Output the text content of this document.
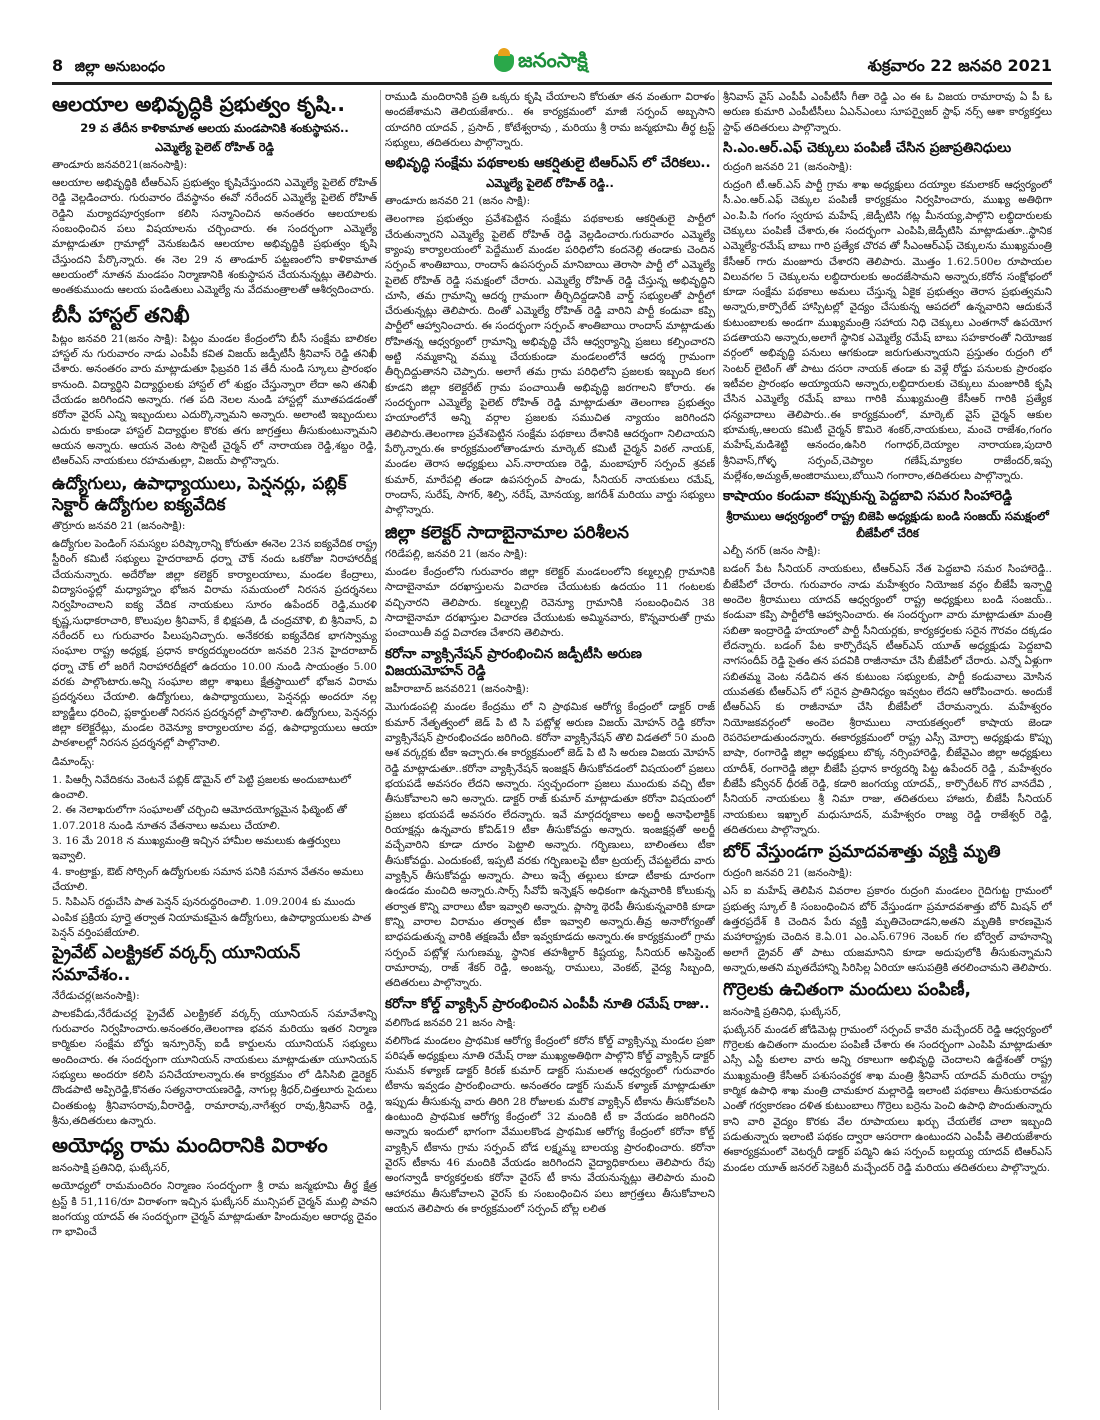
8 జిల్లా అనుబంధం	జనంసాక్షి	శుక్రవారం 22 జనవరి 2021
ఆలయాల అభివృద్ధికి ప్రభుత్వం కృషి..
29 వ తేదీన కాళికామాత ఆలయ మండపానికి శంకుస్థాపన..
ఎమ్మెల్యే పైలెట్ రోహిత్ రెడ్డి
తాండూరు జనవరి21(జనంసాక్షి):
ఆలయాల అభివృద్ధికి టీఆర్ఎస్ ప్రభుత్వం కృషిచేస్తుందని ఎమ్మెల్యే పైలెట్ రోహిత్ రెడ్డి వెల్లడించారు. గురువారం దేవస్థానం ఈవో నరేందర్ ఎమ్మెల్యే పైలెట్ రోహిత్ రెడ్డిని మర్యాదపూర్వకంగా కలిసి సన్మానించిన అనంతరం ఆలయాలకు సంబంధించిన పలు విషయాలను చర్చించారు. ఈ సందర్భంగా ఎమ్మెల్యే మాట్లాడుతూ గ్రామాల్లో వెనుకబడిన ఆలయాల అభివృద్ధికి ప్రభుత్వం కృషి చేస్తుందని పేర్కొన్నారు. ఈ నెల 29 న తాండూర్ పట్టణంలోని కాళికామాత ఆలయంలో నూతన మండపం నిర్మాణానికి శంకుస్థాపన చేయనున్నట్లు తెలిపారు. అంతకుముందు ఆలయ పండితులు ఎమ్మెల్యే ను వేదమంత్రాలతో ఆశీర్వదించారు.
బీసీ హాస్టల్ తనిఖీ
పిట్లం జనవరి 21(జనం సాక్షి): పిట్లం మండల కేంద్రంలోని బీసీ సంక్షేమ బాలికల హాస్టల్ ను గురువారం నాడు ఎంపీపీ కవిత విజయ్ జడ్పీటీసీ శ్రీనివాస్ రెడ్డి తనిఖీ చేశారు. అనంతరం వారు మాట్లాడుతూ ఫిబ్రవరి 1వ తేదీ నుండి స్కూలు ప్రారంభం కానుంది. విద్యార్థిని విద్యార్థులకు హాస్టల్ లో శుభ్రం చేస్తున్నారా లేదా అని తనిఖీ చేయడం జరిగిందని అన్నారు. గత పది నెలల నుండి హాస్టల్లో మూతపడడంతో కరోనా వైరస్ ఎన్ని ఇబ్బందులు ఎదుర్కొన్నామని అన్నారు. అలాంటి ఇబ్బందులు ఎదురు కాకుండా హాస్టల్ విద్యార్థుల కొరకు తగు జాగ్రత్తలు తీసుకుంటున్నామని ఆయన అన్నారు. ఆయన వెంట సొసైటీ చైర్మన్ లో నారాయణ రెడ్డి,శబ్దం రెడ్డి, టిఆర్ఎస్ నాయకులు రహమతుల్లా, విజయ్ పాల్గొన్నారు.
ఉద్యోగులు, ఉపాధ్యాయులు, పెన్షనర్లు, పబ్లిక్ సెక్టార్ ఉద్యోగుల ఐక్యవేదిక
తొర్రూరు జనవరి 21 (జనంసాక్షి):
ఉద్యోగుల పెండింగ్ సమస్యల పరిష్కారాన్ని కోరుతూ ఈనెల 23న ఐక్యవేదిక రాష్ట్ర స్టీరింగ్ కమిటీ సభ్యులు హైదరాబాద్ ధర్నా చౌక్ నందు ఒకరోజు నిరాహారదీక్ష చేయనున్నారు. అదేరోజు జిల్లా కలెక్టర్ కార్యాలయాలు, మండల కేంద్రాలు, విద్యాసంస్థల్లో మధ్యాహ్నం భోజన విరామ సమయంలో నిరసన ప్రదర్శనలు నిర్వహించాలని ఐక్య వేదిక నాయకులు సూరం ఉపేందర్ రెడ్డి,మురళి కృష్ణ,సుధాకరాచారి, కొలుపుల శ్రీనివాస్, కే భిక్షపతి, డీ చంద్రమౌళి, బి శ్రీనివాస్, వి నరేందర్ లు గురువారం పిలుపునిచ్చారు. అనేకరకు ఐక్యవేదిక భాగస్వామ్య సంఘాల రాష్ట్ర అధ్యక్ష, ప్రధాన కార్యదర్శులందరూ జనవరి 23న హైదరాబాద్ ధర్నా చౌక్ లో జరిగే నిరాహారదీక్షలో ఉదయం 10.00 నుండి సాయంత్రం 5.00 వరకు పాల్గొంటారు.అన్ని సంఘాల జిల్లా శాఖలు క్షేత్రస్థాయిలో భోజన విరామ ప్రదర్శనలు చేయాలి. ఉద్యోగులు, ఉపాధ్యాయులు, పెన్షనర్లు అందరూ నల్ల బ్యాడ్జీలు ధరించి, ప్లకార్డులతో నిరసన ప్రదర్శనల్లో పాల్గొనాలి. ఉద్యోగులు, పెన్షనర్లు జిల్లా కలెక్టరేట్లు, మండల రెవెన్యూ కార్యాలయాల వద్ద, ఉపాధ్యాయులు ఆయా పాఠశాలల్లో నిరసన ప్రదర్శనల్లో పాల్గొనాలి.
డిమాండ్స్:
1. పిఆర్సీ నివేదికను వెంటనే పబ్లిక్ డొమైన్ లో పెట్టి ప్రజలకు అందుబాటులో ఉంచాలి.
2. ఈ నెలాఖరులోగా సంఘాలతో చర్చించి ఆమోదయోగ్యమైన ఫిట్మెంట్ తో 1.07.2018 నుండి నూతన వేతనాలు అమలు చేయాలి.
3. 16 మే 2018 న ముఖ్యమంత్రి ఇచ్చిన హామీల అమలుకు ఉత్తర్వులు ఇవ్వాలి.
4. కాంట్రాక్టు, ఔట్ సోర్సింగ్ ఉద్యోగులకు సమాన పనికి సమాన వేతనం అమలు చేయాలి.
5. సిపిఎస్ రద్దుచేసి పాత పెన్షన్ పునరుద్ధరించాలి. 1.09.2004 కు ముందు ఎంపిక ప్రక్రియ పూర్తై తర్వాత నియామకమైన ఉద్యోగులు, ఉపాధ్యాయులకు పాత పెన్షన్ వర్తింపజేయాలి.
ప్రైవేట్ ఎలక్ట్రికల్ వర్కర్స్ యూనియన్ సమావేశం..
నేరేడుచర్ల(జనంసాక్షి):
పాలకవీడు,నేరేడుచర్ల ప్రైవేట్ ఎలక్ట్రికల్ వర్కర్స్ యూనియన్ సమావేశాన్ని గురువారం నిర్వహించారు.అనంతరం,తెలంగాణ భవన మరియు ఇతర నిర్మాణ కార్మికుల సంక్షేమ బోర్డు ఇన్సూరెన్స్ ఐడీ కార్డులను యూనియన్ సభ్యులు అందించారు. ఈ సందర్భంగా యూనియన్ నాయకులు మాట్లాడుతూ యూనియన్ సభ్యులు అందరూ కలిసి పనిచేయాలన్నారు.ఈ కార్యక్రమం లో డిసిసిబి డైరెక్టర్ దొండపాటి అప్పిరెడ్డి,కొనతం సత్యనారాయణరెడ్డి, నాగుల్ల శ్రీధర్,చిత్తలూరు సైదులు చింతకుంట్ల శ్రీనివాసరావు,వీరారెడ్డి, రామారావు,నాగేశ్వర రావు,శ్రీనివాస్ రెడ్డి, శ్రీను,తదితరులు ఉన్నారు.
అయోధ్య రామ మందిరానికి విరాళం
జనంసాక్షి ప్రతినిధి, ఘట్కేసర్,
అయోధ్యలో రామమందిరం నిర్మాణం సందర్భంగా శ్రీ రామ జన్మభూమి తీర్థ క్షేత్ర ట్రస్ట్ కి 51,116/రూ విరాళంగా ఇచ్చిన ఘట్కేసర్ మున్సిపల్ చైర్మన్ ముల్లి పావని జంగయ్య యాదవ్ ఈ సందర్భంగా చైర్మన్ మాట్లాడుతూ హిందువుల ఆరాధ్య దైవం గా భావించే
రాముడి మందిరానికి ప్రతి ఒక్కరు కృషి చేయాలని కోరుతూ తన వంతుగా విరాళం అందజేశామని తెలియజేశారు.. ఈ కార్యక్రమంలో మాజీ సర్పంచ్ అబ్బసాని యాదగిరి యాదవ్ , ప్రసాద్ , కోటేశ్వరావు , మరియు శ్రీ రామ జన్మభూమి తీర్థ ట్రస్ట్ సభ్యులు, తదితరులు పాల్గొన్నారు.
అభివృద్ధి సంక్షేమ పథకాలకు ఆకర్షితులై టిఆర్ఎస్ లో చేరికలు..
ఎమ్మెల్యే పైలెట్ రోహిత్ రెడ్డి..
తాండూరు జనవరి 21 (జనం సాక్షి):
తెలంగాణ ప్రభుత్వం ప్రవేశపెట్టిన సంక్షేమ పథకాలకు ఆకర్షితులై పార్టీలో చేరుతున్నారని ఎమ్మెల్యే పైలెట్ రోహిత్ రెడ్డి వెల్లడించారు.గురువారం ఎమ్మెల్యే క్యాంపు కార్యాలయంలో పెద్దేముల్ మండల పరిధిలోని కందనెల్లి తండాకు చెందిన సర్పంచ్ శాంతిబాయి, రాందాస్ ఉపసర్పంచ్ మానిబాయి తెరాసా పార్టీ లో ఎమ్మెల్యే పైలెట్ రోహిత్ రెడ్డి సమక్షంలో చేరారు. ఎమ్మెల్యే రోహిత్ రెడ్డి చేస్తున్న అభివృద్ధిని చూసి, తమ గ్రామాన్ని ఆదర్శ గ్రామంగా తీర్చిదిద్దడానికి వార్డ్ సభ్యులతో పార్టీలో చేరుతున్నట్లు తెలిపారు. దింతో ఎమ్మెల్యే రోహిత్ రెడ్డి వారిని పార్టీ కండువా కప్పి పార్టీలో ఆహ్వానించారు. ఈ సందర్భంగా సర్పంచ్ శాంతిబాయి రాందాస్ మాట్లాడుతు రోహితన్న ఆధ్వర్యంలో గ్రామాన్ని అభివృద్ధి చేసే ఆధ్వర్యాన్ని ప్రజలు కల్పించారని అట్టి నమ్మకాన్ని వమ్ము చేయకుండా మండలంలోనే ఆదర్శ గ్రామంగా తీర్చిదిద్దుతానని చెప్పారు. అలాగే తమ గ్రామ పరిధిలోని ప్రజలకు ఇబ్బంది కలగ కూడని జిల్లా కలెక్టరేట్ గ్రామ పంచాయితీ అభివృద్ధి జరగాలని కోరారు. ఈ సందర్భంగా ఎమ్మెల్యే పైలెట్ రోహిత్ రెడ్డి మాట్లాడుతూ తెలంగాణ ప్రభుత్వం హయాంలోనే అన్ని వర్గాల ప్రజలకు సముచిత న్యాయం జరిగిందని తెలిపారు.తెలంగాణ ప్రవేశపెట్టిన సంక్షేమ పథకాలు దేశానికి ఆదర్శంగా నిలిచాయని పేర్కొన్నారు.ఈ కార్యక్రమంలోతాండూరు మార్కెట్ కమిటీ చైర్మన్ విఠల్ నాయక్, మండల తెరాస అధ్యక్షులు ఎస్.నారాయణ రెడ్డి, మంబాపూర్ సర్పంచ్ శ్రవణ్ కుమార్, మారేపల్లి తండా ఉపసర్పంచ్ పాండు, సీనియర్ నాయకులు రమేష్, రాందాస్, సురేష్, సాగర్, శిల్పి, నరేష్, మోనయ్య, జగదీశ్ మరియు వార్డు సభ్యులు పాల్గొన్నారు.
జిల్లా కలెక్టర్ సాదాబైనామాల పరిశీలన
గరిడేపల్లి, జనవరి 21 (జనం సాక్షి):
మండల కేంద్రంలోని గురువారం జిల్లా కలెక్టర్ మండలంలోని కల్మల్పల్లి గ్రామానికి సాదాబైనామా దరఖాస్తులను విచారణ చేయుటకు ఉదయం 11 గంటలకు వచ్చినారని తెలిపారు. కల్మల్పల్లి రెవెన్యూ గ్రామానికి సంబంధించిన 38 సాదాబైనామా దరఖాస్తుల విచారణ చేయుటకు అమ్మినవారు, కొన్నవారుతో గ్రామ పంచాయితీ వద్ద విచారణ చేశారని తెలిపారు.
కరోనా వ్యాక్సినేషన్ ప్రారంభించిన జడ్పీటీసి అరుణ విజయమోహన్ రెడ్డి
జహీరాబాద్ జనవరి21 (జనంసాక్షి):
మొగుడంపల్లి మండల కేంద్రము లో ని ప్రాథమిక ఆరోగ్య కేంద్రంలో డాక్టర్ రాజ్ కుమార్ నేతృత్వంలో జెడ్ పి టి సి పట్లోళ్ల అరుణ విజయ్ మోహన్ రెడ్డి కరోనా వ్యాక్సినేషన్ ప్రారంభించడం జరిగింది. కరోనా వ్యాక్సినేషన్ తొలి విడతలో 50 మంది ఆశ వర్కర్లకు టీకా ఇచ్చారు.ఈ కార్యక్రమంలో జెడ్ పి టి సి అరుణ విజయ మోహన్ రెడ్డి మాట్లాడుతూ..కరోనా వ్యాక్సినేషన్ ఇంజక్షన్ తీసుకోవడంలో విషయంలో ప్రజలు భయపడే అవసరం లేదని అన్నారు. స్వచ్ఛందంగా ప్రజలు ముందుకు వచ్చి టీకా తీసుకోవాలని అని అన్నారు. డాక్టర్ రాజ్ కుమార్ మాట్లాడుతూ కరోనా విషయంలో ప్రజలు భయపడే అవసరం లేదన్నారు. ఇవే మార్గదర్శకాలు అలర్జీ అనాఫిలాక్టిక్ రియాక్షన్లు ఉన్నవారు కోవిడ్19 టీకా తీసుకోవద్దు అన్నారు. ఇంజక్షన్లతో అలర్జీ వచ్చేవారిని కూడా దూరం పెట్టాలి అన్నారు. గర్భిణులు, బాలింతలు టీకా తీసుకోవద్దు. ఎందుకంటే, ఇప్పటి వరకు గర్భిణులపై టీకా ట్రయల్స్ చేపట్టలేదు వారు వ్యాక్సిన్ తీసుకోవద్దు అన్నారు. పాలు ఇచ్చే తల్లులు కూడా టీకాకు దూరంగా ఉండడం మంచిది అన్నారు.సార్స్ సీవోవీ ఇన్ఫెక్షన్ అధికంగా ఉన్నవారికి కోలుకున్న తర్వాత కొన్ని వారాలు టీకా ఇవ్వాలి అన్నారు. ప్లాస్మా థెరపీ తీసుకున్నవారికి కూడా కొన్ని వారాల విరామం తర్వాత టీకా ఇవ్వాలి అన్నారు.తీవ్ర అనారోగ్యంతో బాధపడుతున్న వారికి తక్షణమే టీకా ఇవ్వకూడదు అన్నారు.ఈ కార్యక్రమంలో గ్రామ సర్పంచ్ పట్లోళ్ల సుగుణమ్మ, స్థానిక తహశీల్దార్ కిష్టయ్య, సీనియర్ అసిస్టెంట్ రామారావు, రాజ్ శేకర్ రెడ్డి, అంజన్న, రాములు, వెంకట్, వైద్య సిబ్బంది, తదితరులు పాల్గొన్నారు.
కరోనా కోల్డ్ వ్యాక్సిన్ ప్రారంభించిన ఎంపీపీ నూతి రమేష్ రాజు..
వలిగొండ జనవరి 21 జనం సాక్షి:
వలిగొండ మండలం ప్రాథమిక ఆరోగ్య కేంద్రంలో కరోన కోల్డ్ వ్యాక్సిన్ను మండల ప్రజా పరిషత్ అధ్యక్షులు నూతి రమేష్ రాజు ముఖ్యఅతిథిగా పాల్గొని కోల్డ్ వ్యాక్సిన్ డాక్టర్ సుమన్ కళ్యాణ్ డాక్టర్ కిరణ్ కుమార్ డాక్టర్ సుమలత ఆధ్వర్యంలో గురువారం టీకాను ఇవ్వడం ప్రారంభించారు. అనంతరం డాక్టర్ సుమన్ కళ్యాణ్ మాట్లాడుతూ ఇప్పుడు తీసుకున్న వారు తిరిగి 28 రోజులకు మరొక వ్యాక్సిన్ టీకాను తీసుకోవలసి ఉంటుంది ప్రాథమిక ఆరోగ్య కేంద్రంలో 32 మందికి టీ కా వేయడం జరిగిందని అన్నారు ఇందులో భాగంగా వేములకొండ ప్రాథమిక ఆరోగ్య కేంద్రంలో కరోనా కోల్డ్ వ్యాక్సిన్ టీకాను గ్రామ సర్పంచ్ బోడ లక్ష్మమ్మ బాలయ్య ప్రారంభించారు. కరోనా వైరస్ టీకాను 46 మందికి వేయడం జరిగిందని వైద్యాధికారులు తెలిపారు రేపు అంగన్వాడీ కార్యకర్తలకు కరోనా వైరస్ టీ కాను వేయనున్నట్లు తెలిపారు మంచి ఆహారము తీసుకోవాలని వైరస్ కు సంబంధించిన పలు జాగ్రత్తలు తీసుకోవాలని ఆయన తెలిపారు ఈ కార్యక్రమంలో సర్పంచ్ బోల్ల లలిత
శ్రీనివాస్ వైస్ ఎంపీపీ ఎంపీటీసీ గీతా రెడ్డి ఎం ఈ ఓ విజయ రామారావు ఏ పీ ఓ అరుణ కుమారి ఎంపీటీసీలు ఏఎన్ఎంలు సూపర్వైజర్ స్టాఫ్ నర్స్ ఆశా కార్యకర్తలు స్టాఫ్ తదితరులు పాల్గొన్నారు.
సి.ఎం.ఆర్.ఎఫ్ చెక్కులు పంపిణీ చేసిన ప్రజాప్రతినిధులు
రుద్రంగి జనవరి 21 (జనంసాక్షి):
రుద్రంగి టీ.ఆర్.ఎస్ పార్టీ గ్రామ శాఖ అధ్యక్షులు దయ్యాల కమలాకర్ ఆధ్వర్యంలో సీ.ఎం.ఆర్.ఎఫ్ చెక్కుల పంపిణీ కార్యక్రమం నిర్వహించారు, ముఖ్య అతిథిగా ఎం.పి.పి గంగం స్వరూప మహేష్ ,జెడ్పీటిసి గట్ల మీనయ్య,పాల్గొని లబ్ధిదారులకు చెక్కులు పంపిణీ చేశారు,ఈ సందర్భంగా ఎంపిపి,జెడ్పీటిసి మాట్లాడుతూ..స్థానిక ఎమ్మెల్యే-రమేష్ బాబు గారి ప్రత్యేక చొరవ తో సీఎంఆర్ఎఫ్ చెక్కులను ముఖ్యమంత్రి కేసీఆర్ గారు మంజూరు చేశారని తెలిపారు. మొత్తం 1.62.500ల రూపాయల విలువగల 5 చెక్కులను లబ్ధిదారులకు అందజేసామని అన్నారు,కరోన సంక్షోభంలో కూడా సంక్షేమ పథకాలు అమలు చేస్తున్న ఏకైక ప్రభుత్వం తెరాస ప్రభుత్వమని అన్నారు,కార్పొరేట్ హాస్పిటల్లో వైద్యం చేసుకున్న ఆపదలో ఉన్నవారిని ఆదుకునే కుటుంబాలకు అండగా ముఖ్యమంత్రి సహాయ నిధి చెక్కులు ఎంతగానో ఉపయోగ పడతాయని అన్నారు,అలాగే స్థానిక ఎమ్మెల్యే రమేష్ బాబు సహకారంతో నియోజక వర్గంలో అభివృద్ధి పనులు ఆగకుండా జరుగుతున్నాయని ప్రస్తుతం రుద్రంగి లో సెంటర్ లైటింగ్ తో పాటు దసరా నాయక్ తండా కు వెళ్లే రోడ్డు పనులకు ప్రారంభం ఇటీవల ప్రారంభం అయ్యాయని అన్నారు,లబ్ధిదారులకు చెక్కులు మంజూరికి కృషి చేసిన ఎమ్మెల్యే రమేష్ బాబు గారికి ముఖ్యమంత్రి కేసీఆర్ గారికి ప్రత్యేక ధన్యవాదాలు తెలిపారు..ఈ కార్యక్రమంలో, మార్కెట్ వైస్ చైర్మన్ ఆకుల భూమక్క,ఆలయ కమిటీ చైర్మన్ కొమిరె శంకర్,నాయకులు, మంచె రాజేశం,గంగం మహేష్,మడిశెట్టి ఆనందం,ఉసిరి గంగాధర్,దెయ్యాల నారాయణ,పుదారి శ్రీనివాస్,గోళ్ళ సర్పంచ్,చెప్యాల గణేష్,మ్యాకల రాజేందర్,ఇప్ప మల్లేశం,అచ్యుత్,అంజిరాములు,బోయిని గంగారాం,తదితరులు పాల్గొన్నారు.
కాషాయం కండువా కప్పుకున్న పెద్దబావి సమర సింహారెడ్డి
శ్రీరాములు ఆధ్వర్యంలో రాష్ట్ర బిజెపి అధ్యక్షుడు బండి సంజయ్ సమక్షంలో బీజేపీలో చేరిక
ఎల్బీ నగర్ (జనం సాక్షి):
బడంగ్ పేట సీనియర్ నాయకులు, టీఆర్ఎస్ నేత పెద్దబావి సమర సింహారెడ్డి.. బీజేపీలో చేరారు. గురువారం నాడు మహేశ్వరం నియోజక వర్గం బీజేపీ ఇన్చార్జి అందెల శ్రీరాములు యాదవ్ ఆధ్వర్యంలో రాష్ట్ర అధ్యక్షులు బండి సంజయ్.. కండువా కప్పి పార్టీలోకి ఆహ్వానించారు. ఈ సందర్భంగా వారు మాట్లాడుతూ మంత్రి సబితా ఇంద్రారెడ్డి హయాంలో పార్టీ సీనియర్లకు, కార్యకర్తలకు సరైన గౌరవం దక్కడం లేదన్నారు. బడంగ్ పేట కార్పొరేషన్ టీఆర్ఎస్ యూత్ అధ్యక్షుడు పెద్దబావి నాగసందీప్ రెడ్డి సైతం తన పదవికి రాజీనామా చేసి బీజేపీలో చేరారు. ఎన్నో ఏళ్లుగా సబితమ్మ వెంట నడిచిన తన కుటుంబ సభ్యులకు, పార్టీ కండువాలు మోసిన యువతకు టీఆర్ఎస్ లో సరైన ప్రాతినిధ్యం ఇవ్వటం లేదని ఆరోపించారు. అందుకే టీఆర్ఎస్ కు రాజీనామా చేసి బీజేపీలో చేరామన్నారు. మహేశ్వరం నియోజకవర్గంలో అందెల శ్రీరాములు నాయకత్వంలో కాషాయ జెండా రెపరెపలాడుతుందన్నారు. ఈకార్యక్రమంలో రాష్ట్ర ఎస్సీ మోర్చా అధ్యక్షుడు కొప్పు బాషా, రంగారెడ్డి జిల్లా అధ్యక్షులు బొక్క నర్సింహారెడ్డి, బీజేవైఎం జిల్లా అధ్యక్షులు యాదీశ్, రంగారెడ్డి జిల్లా బీజేపీ ప్రధాన కార్యదర్శి పిట్ట ఉపేందర్ రెడ్డి , మహేశ్వరం బీజేపీ కన్వీనర్ ధీరజ్ రెడ్డి, కడారి జంగయ్య యాదవ్,, కార్పొరేటర్ గొర వానదేవి , సీనియర్ నాయకులు శ్రీ నిమా రాజు, తదితరులు హాజరు, బీజేపీ సీనియర్ నాయకులు ఇఖ్బాల్ మధుసూదన్, మహేశ్వరం రాజ్య రెడ్డి రాజేశ్వర్ రెడ్డి, తదితరులు పాల్గొన్నారు.
బోర్ వేస్తుండగా ప్రమాదవశాత్తు వ్యక్తి మృతి
రుద్రంగి జనవరి 21 (జనంసాక్షి):
ఎస్ ఐ మహేష్ తెలిపిన వివరాల ప్రకారం రుద్రంగి మండలం గైదిగుట్ట గ్రామంలో ప్రభుత్వ స్కూల్ కి సంబంధించిన బోర్ వేస్తుండగా ప్రమాదవశాత్తు బోర్ మిషన్ లో ఉత్తరప్రదేశ్ కి చెందిన పేరు వ్యక్తి మృతిచెందాడని,అతని మృతికి కారణమైన మహారాష్ట్రకు చెందిన కె.ఏ.01 ఎం.ఎస్.6796 నెంబర్ గల బోర్వెల్ వాహనాన్ని అలాగే డ్రైవర్ తో పాటు యజమానిని కూడా అదుపులోకి తీసుకున్నామని అన్నారు,అతని మృతదేహాన్ని సిరిసిల్ల ఏరియా ఆసుపత్రికి తరలించామని తెలిపారు.
గొర్రెలకు ఉచితంగా మందులు పంపిణీ,
జనంసాక్షి ప్రతినిధి, ఘట్కేసర్,
ఘట్కేసర్ మండల్ జోడిమెట్ల గ్రామంలో సర్పంచ్ కావేరి మచ్చేందర్ రెడ్డి ఆధ్వర్యంలో గొర్రెలకు ఉచితంగా మందుల పంపిణీ చేశారు ఈ సందర్భంగా ఎంపిపి మాట్లాడుతూ ఎస్సీ ఎస్టీ కులాల వారు అన్ని రకాలుగా అభివృద్ధి చెందాలని ఉద్దేశంతో రాష్ట్ర ముఖ్యమంత్రి కేసీఆర్ పశుసంవర్థక శాఖ మంత్రి శ్రీనివాస్ యాదవ్ మరియు రాష్ట్ర కార్మిక ఉపాధి శాఖ మంత్రి చామకూర మల్లారెడ్డి ఇలాంటి పథకాలు తీసుకురావడం ఎంతో గర్వకారణం దళిత కుటుంబాలు గొర్రెలు బర్రెను పెంచి ఉపాధి పొందుతున్నారు కాని వారి వైద్యం కొరకు వేల రూపాయలు ఖర్చు చేయలేక చాలా ఇబ్బంది పడుతున్నారు ఇలాంటి పథకం ద్వారా ఆసరాగా ఉంటుందని ఎంపీపీ తెలియజేశారు ఈకార్యక్రమంలో వెటర్నరీ డాక్టర్ పద్మిని ఉప సర్పంచ్ బల్లయ్య యాదవ్ టిఆర్ఎస్ మండల యూత్ జనరల్ సెక్రెటరీ మచ్చేందర్ రెడ్డి మరియు తదితరులు పాల్గొన్నారు.
